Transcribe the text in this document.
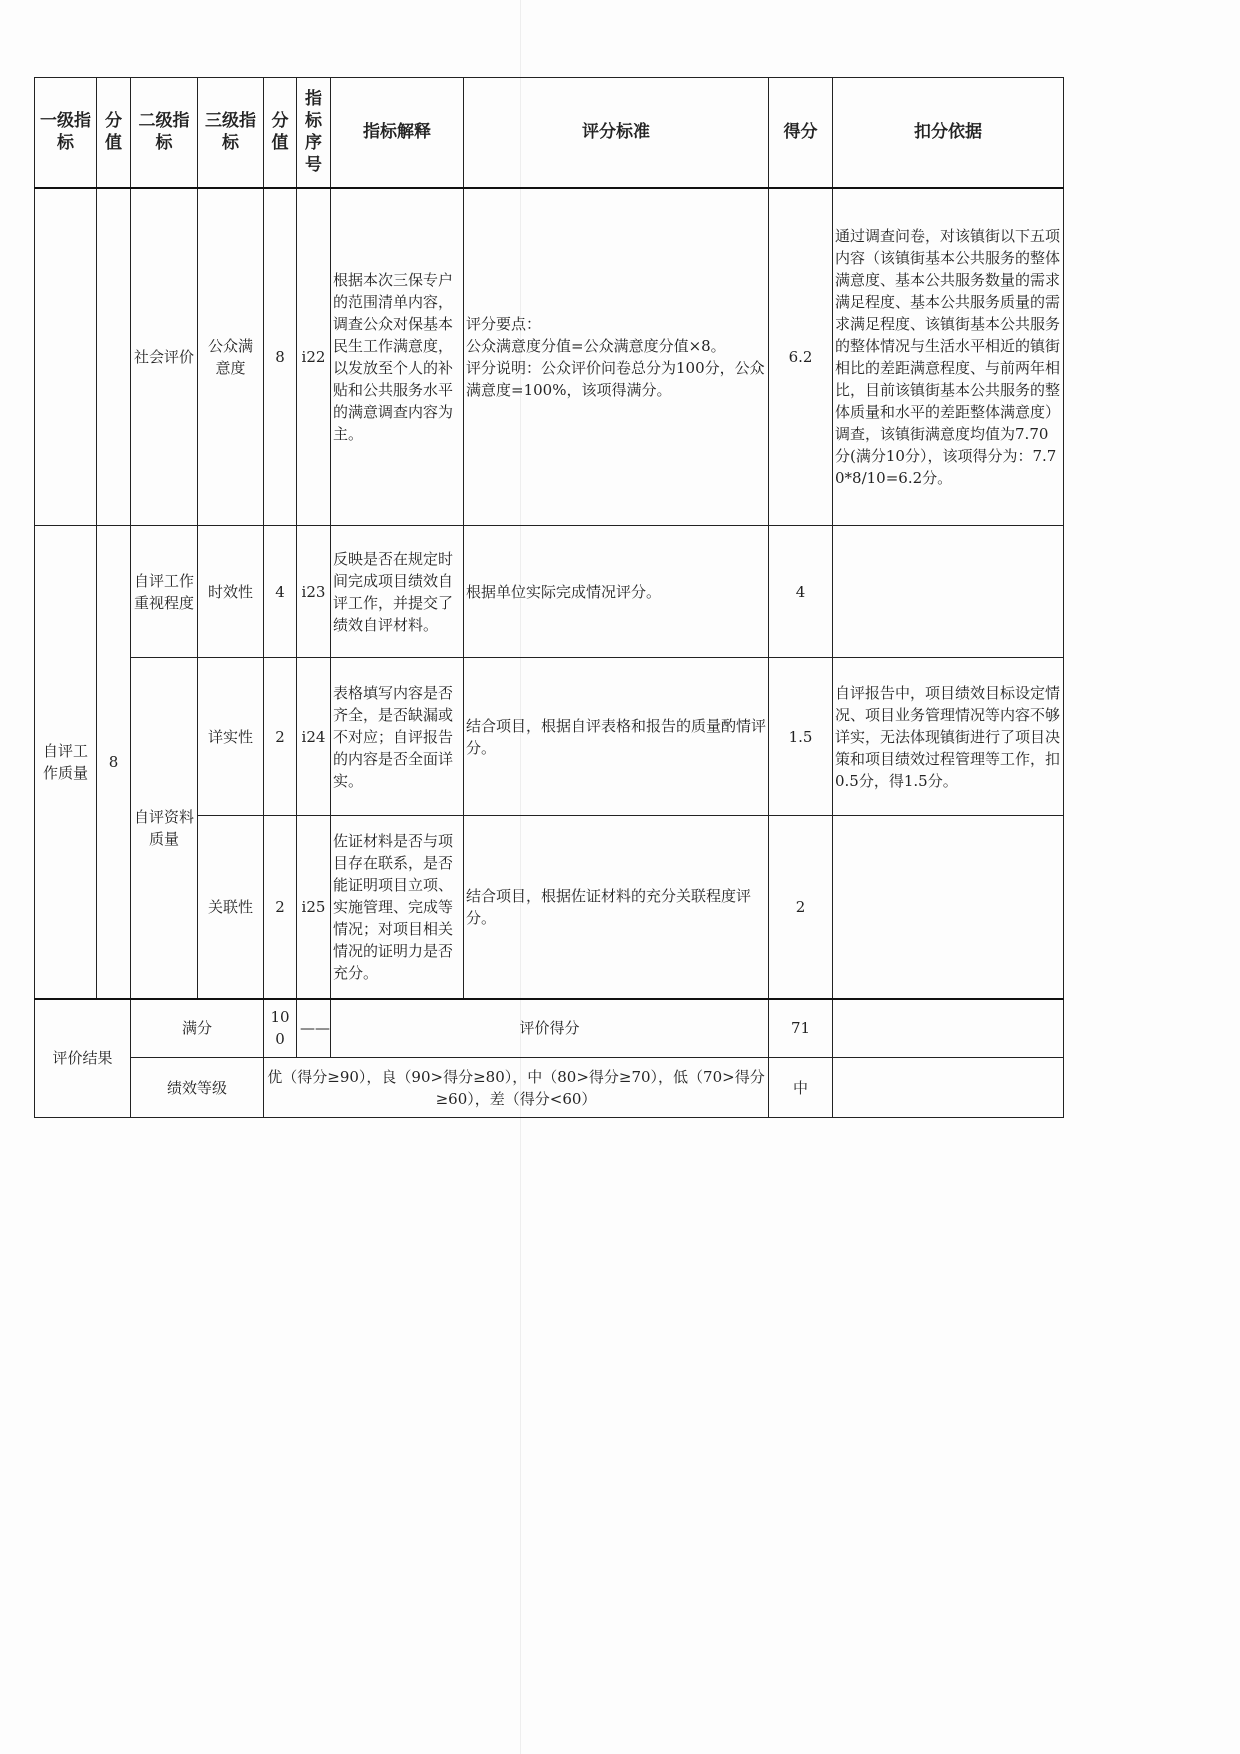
一级指标	分值	二级指标	三级指标	分值	指标序号	指标解释	评分标准	得分	扣分依据
		社会评价	公众满意度	8	i22	根据本次三保专户的范围清单内容，调查公众对保基本民生工作满意度，以发放至个人的补贴和公共服务水平的满意调查内容为主。	评分要点：
公众满意度分值=公众满意度分值×8。
评分说明：公众评价问卷总分为100分，公众满意度=100%，该项得满分。	6.2	通过调查问卷，对该镇街以下五项内容（该镇街基本公共服务的整体满意度、基本公共服务数量的需求满足程度、基本公共服务质量的需求满足程度、该镇街基本公共服务的整体情况与生活水平相近的镇街相比的差距满意程度、与前两年相比，目前该镇街基本公共服务的整体质量和水平的差距整体满意度）调查，该镇街满意度均值为7.70分(满分10分），该项得分为：7.70*8/10=6.2分。
自评工作质量	8	自评工作重视程度	时效性	4	i23	反映是否在规定时间完成项目绩效自评工作，并提交了绩效自评材料。	根据单位实际完成情况评分。	4	
		自评资料质量	详实性	2	i24	表格填写内容是否齐全，是否缺漏或不对应；自评报告的内容是否全面详实。	结合项目，根据自评表格和报告的质量酌情评分。	1.5	自评报告中，项目绩效目标设定情况、项目业务管理情况等内容不够详实，无法体现镇街进行了项目决策和项目绩效过程管理等工作，扣0.5分，得1.5分。
			关联性	2	i25	佐证材料是否与项目存在联系，是否能证明项目立项、实施管理、完成等情况；对项目相关情况的证明力是否充分。	结合项目，根据佐证材料的充分关联程度评分。	2	
评价结果		满分		100	——	评价得分		71	
		绩效等级		优（得分≥90），良（90>得分≥80），中（80>得分≥70），低（70>得分≥60），差（得分<60）				中	
